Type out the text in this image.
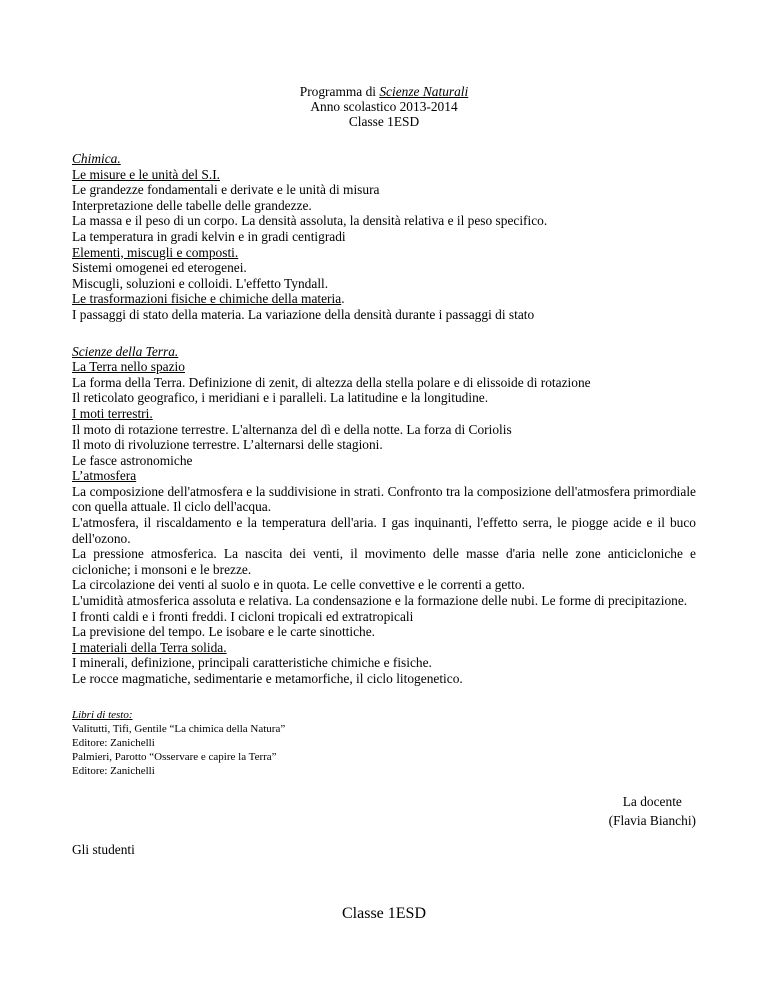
Programma di Scienze Naturali
Anno scolastico 2013-2014
Classe 1ESD
Chimica.
Le misure e le unità del S.I.
Le grandezze fondamentali e derivate e le unità di misura
Interpretazione delle tabelle delle grandezze.
La massa e il peso di un corpo. La densità assoluta, la densità relativa e il peso specifico.
La temperatura in gradi kelvin e in gradi centigradi
Elementi, miscugli e composti.
Sistemi omogenei ed eterogenei.
Miscugli, soluzioni e colloidi. L'effetto Tyndall.
Le trasformazioni fisiche e chimiche della materia.
I passaggi di stato della materia. La variazione della densità durante i passaggi di stato
Scienze della Terra.
La Terra nello spazio
La forma della Terra. Definizione di zenit, di altezza della stella polare e di elissoide di rotazione
Il reticolato geografico, i meridiani e i paralleli. La latitudine e la longitudine.
I moti terrestri.
Il moto di rotazione terrestre. L'alternanza del dì e della notte. La forza di Coriolis
Il moto di rivoluzione terrestre. L’alternarsi delle stagioni.
Le fasce astronomiche
L’atmosfera
La composizione dell'atmosfera e la suddivisione in strati. Confronto tra la composizione dell'atmosfera primordiale con quella attuale. Il ciclo dell'acqua.
L'atmosfera, il riscaldamento e la temperatura dell'aria. I gas inquinanti, l'effetto serra, le piogge acide e il buco dell'ozono.
La pressione atmosferica. La nascita dei venti, il movimento delle masse d'aria nelle zone anticicloniche e cicloniche; i monsoni e le brezze.
La circolazione dei venti al suolo e in quota. Le celle convettive e le correnti a getto.
L'umidità atmosferica assoluta e relativa. La condensazione e la formazione delle nubi. Le forme di precipitazione.
I fronti caldi e i fronti freddi. I cicloni tropicali ed extratropicali
La previsione del tempo. Le isobare e le carte sinottiche.
I materiali della Terra solida.
I minerali, definizione, principali caratteristiche chimiche e fisiche.
Le rocce magmatiche, sedimentarie e metamorfiche, il ciclo litogenetico.
Libri di testo:
Valitutti, Tifi, Gentile “La chimica della Natura”
Editore: Zanichelli
Palmieri, Parotto “Osservare e capire la Terra”
Editore: Zanichelli
La docente
(Flavia Bianchi)
Gli studenti
Classe 1ESD
